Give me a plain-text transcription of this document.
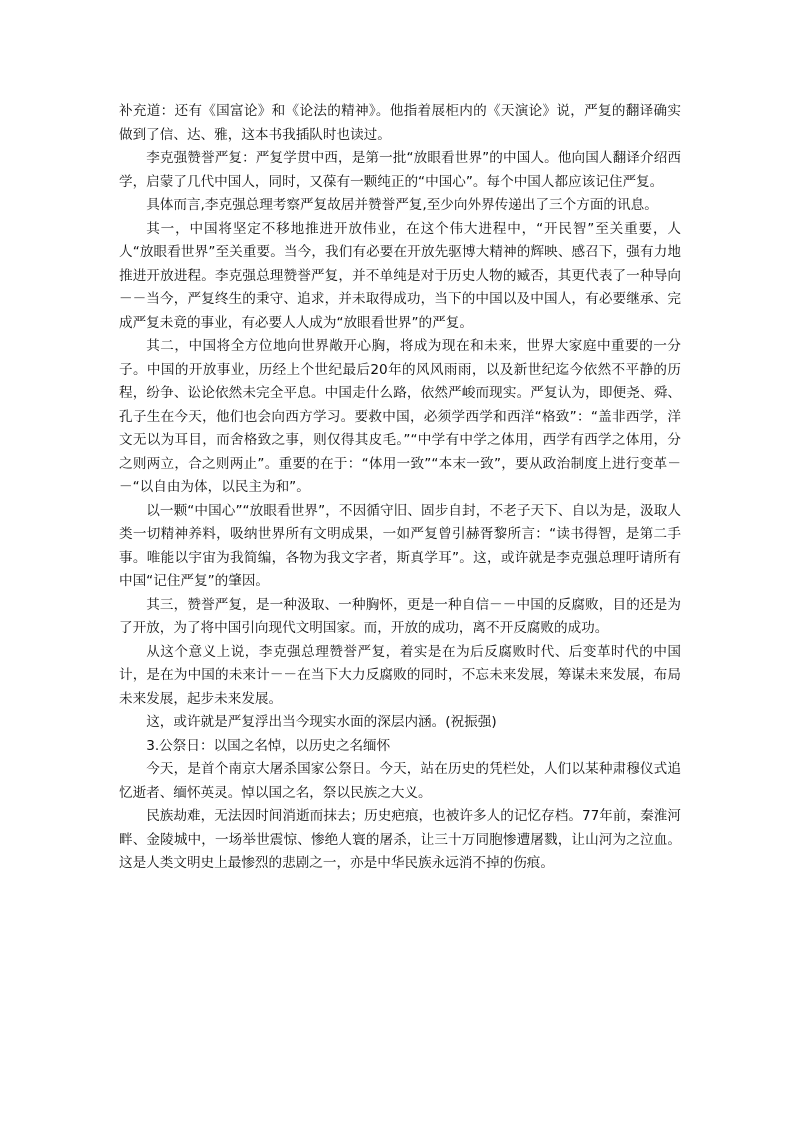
补充道：还有《国富论》和《论法的精神》。他指着展柜内的《天演论》说，严复的翻译确实做到了信、达、雅，这本书我插队时也读过。

李克强赞誉严复：严复学贯中西，是第一批“放眼看世界”的中国人。他向国人翻译介绍西学，启蒙了几代中国人，同时，又葆有一颗纯正的“中国心”。每个中国人都应该记住严复。

具体而言,李克强总理考察严复故居并赞誉严复,至少向外界传递出了三个方面的讯息。

其一，中国将坚定不移地推进开放伟业，在这个伟大进程中，“开民智”至关重要，人人“放眼看世界”至关重要。当今，我们有必要在开放先驱博大精神的辉映、感召下，强有力地推进开放进程。李克强总理赞誉严复，并不单纯是对于历史人物的臧否，其更代表了一种导向－－当今，严复终生的秉守、追求，并未取得成功，当下的中国以及中国人，有必要继承、完成严复未竟的事业，有必要人人成为“放眼看世界”的严复。

其二，中国将全方位地向世界敞开心胸，将成为现在和未来，世界大家庭中重要的一分子。中国的开放事业，历经上个世纪最后20年的风风雨雨，以及新世纪迄今依然不平静的历程，纷争、讼论依然未完全平息。中国走什么路，依然严峻而现实。严复认为，即便尧、舜、孔子生在今天，他们也会向西方学习。要救中国，必须学西学和西洋“格致”：“盖非西学，洋文无以为耳目，而舍格致之事，则仅得其皮毛。”“中学有中学之体用，西学有西学之体用，分之则两立，合之则两止”。重要的在于：“体用一致”“本末一致”，要从政治制度上进行变革－－“以自由为体，以民主为和”。

以一颗“中国心”“放眼看世界”，不因循守旧、固步自封，不老子天下、自以为是，汲取人类一切精神养料，吸纳世界所有文明成果，一如严复曾引赫胥黎所言：“读书得智，是第二手事。唯能以宇宙为我简编，各物为我文字者，斯真学耳”。这，或许就是李克强总理吁请所有中国“记住严复”的肇因。

其三，赞誉严复，是一种汲取、一种胸怀，更是一种自信－－中国的反腐败，目的还是为了开放，为了将中国引向现代文明国家。而，开放的成功，离不开反腐败的成功。

从这个意义上说，李克强总理赞誉严复，着实是在为后反腐败时代、后变革时代的中国计，是在为中国的未来计－－在当下大力反腐败的同时，不忘未来发展，筹谋未来发展，布局未来发展，起步未来发展。

这，或许就是严复浮出当今现实水面的深层内涵。(祝振强)

3.公祭日：以国之名悼，以历史之名缅怀

今天，是首个南京大屠杀国家公祭日。今天，站在历史的凭栏处，人们以某种肃穆仪式追忆逝者、缅怀英灵。悼以国之名，祭以民族之大义。

民族劫难，无法因时间消逝而抹去；历史疤痕，也被许多人的记忆存档。77年前，秦淮河畔、金陵城中，一场举世震惊、惨绝人寰的屠杀，让三十万同胞惨遭屠戮，让山河为之泣血。这是人类文明史上最惨烈的悲剧之一，亦是中华民族永远消不掉的伤痕。
